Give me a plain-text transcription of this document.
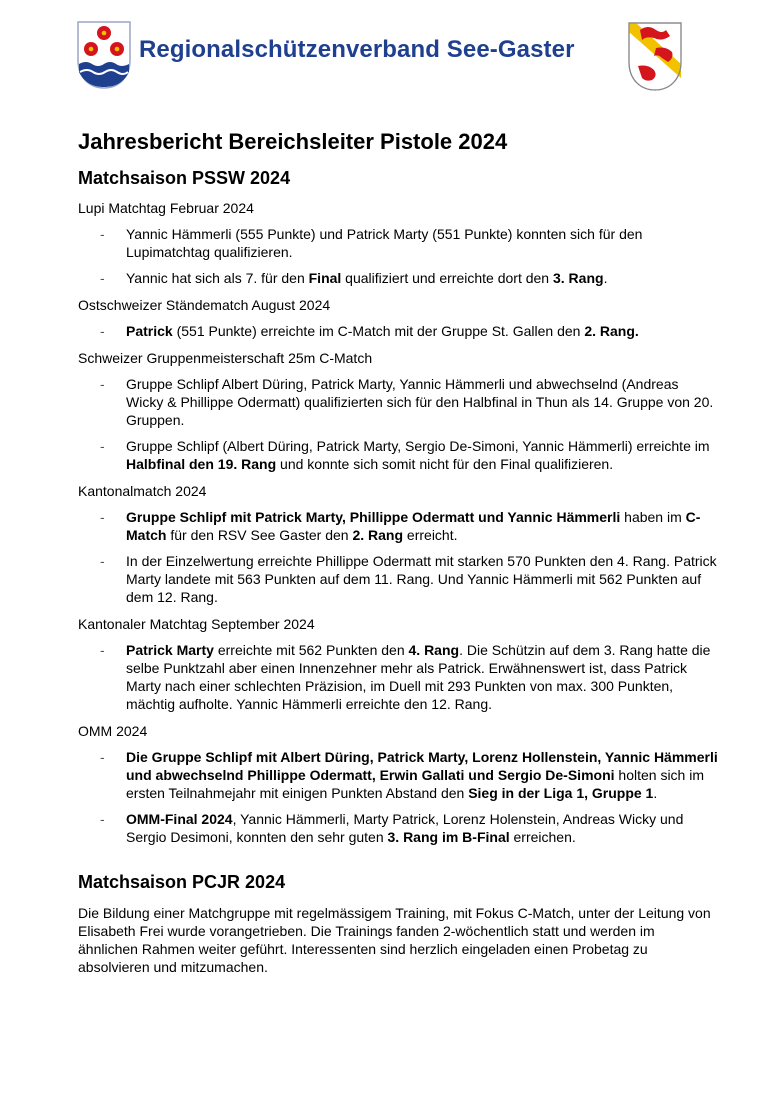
Regionalschützenverband See-Gaster
Jahresbericht Bereichsleiter Pistole 2024
Matchsaison PSSW 2024

Lupi Matchtag Februar 2024

- Yannic Hämmerli (555 Punkte) und Patrick Marty (551 Punkte) konnten sich für den Lupimatchtag qualifizieren.
- Yannic hat sich als 7. für den Final qualifiziert und erreichte dort den 3. Rang.

Ostschweizer Ständematch August 2024

- Patrick (551 Punkte) erreichte im C-Match mit der Gruppe St. Gallen den 2. Rang.

Schweizer Gruppenmeisterschaft 25m C-Match

- Gruppe Schlipf Albert Düring, Patrick Marty, Yannic Hämmerli und abwechselnd (Andreas Wicky & Phillippe Odermatt) qualifizierten sich für den Halbfinal in Thun als 14. Gruppe von 20. Gruppen.
- Gruppe Schlipf (Albert Düring, Patrick Marty, Sergio De-Simoni, Yannic Hämmerli) erreichte im Halbfinal den 19. Rang und konnte sich somit nicht für den Final qualifizieren.

Kantonalmatch 2024

- Gruppe Schlipf mit Patrick Marty, Phillippe Odermatt und Yannic Hämmerli haben im C-Match für den RSV See Gaster den 2. Rang erreicht.
- In der Einzelwertung erreichte Phillippe Odermatt mit starken 570 Punkten den 4. Rang. Patrick Marty landete mit 563 Punkten auf dem 11. Rang. Und Yannic Hämmerli mit 562 Punkten auf dem 12. Rang.

Kantonaler Matchtag September 2024

- Patrick Marty erreichte mit 562 Punkten den 4. Rang. Die Schützin auf dem 3. Rang hatte die selbe Punktzahl aber einen Innenzehner mehr als Patrick. Erwähnenswert ist, dass Patrick Marty nach einer schlechten Präzision, im Duell mit 293 Punkten von max. 300 Punkten, mächtig aufholte. Yannic Hämmerli erreichte den 12. Rang.

OMM 2024

- Die Gruppe Schlipf mit Albert Düring, Patrick Marty, Lorenz Hollenstein, Yannic Hämmerli und abwechselnd Phillippe Odermatt, Erwin Gallati und Sergio De-Simoni holten sich im ersten Teilnahmejahr mit einigen Punkten Abstand den Sieg in der Liga 1, Gruppe 1.
- OMM-Final 2024, Yannic Hämmerli, Marty Patrick, Lorenz Holenstein, Andreas Wicky und Sergio Desimoni, konnten den sehr guten 3. Rang im B-Final erreichen.
Matchsaison PCJR 2024

Die Bildung einer Matchgruppe mit regelmässigem Training, mit Fokus C-Match, unter der Leitung von Elisabeth Frei wurde vorangetrieben. Die Trainings fanden 2-wöchentlich statt und werden im ähnlichen Rahmen weiter geführt. Interessenten sind herzlich eingeladen einen Probetag zu absolvieren und mitzumachen.
